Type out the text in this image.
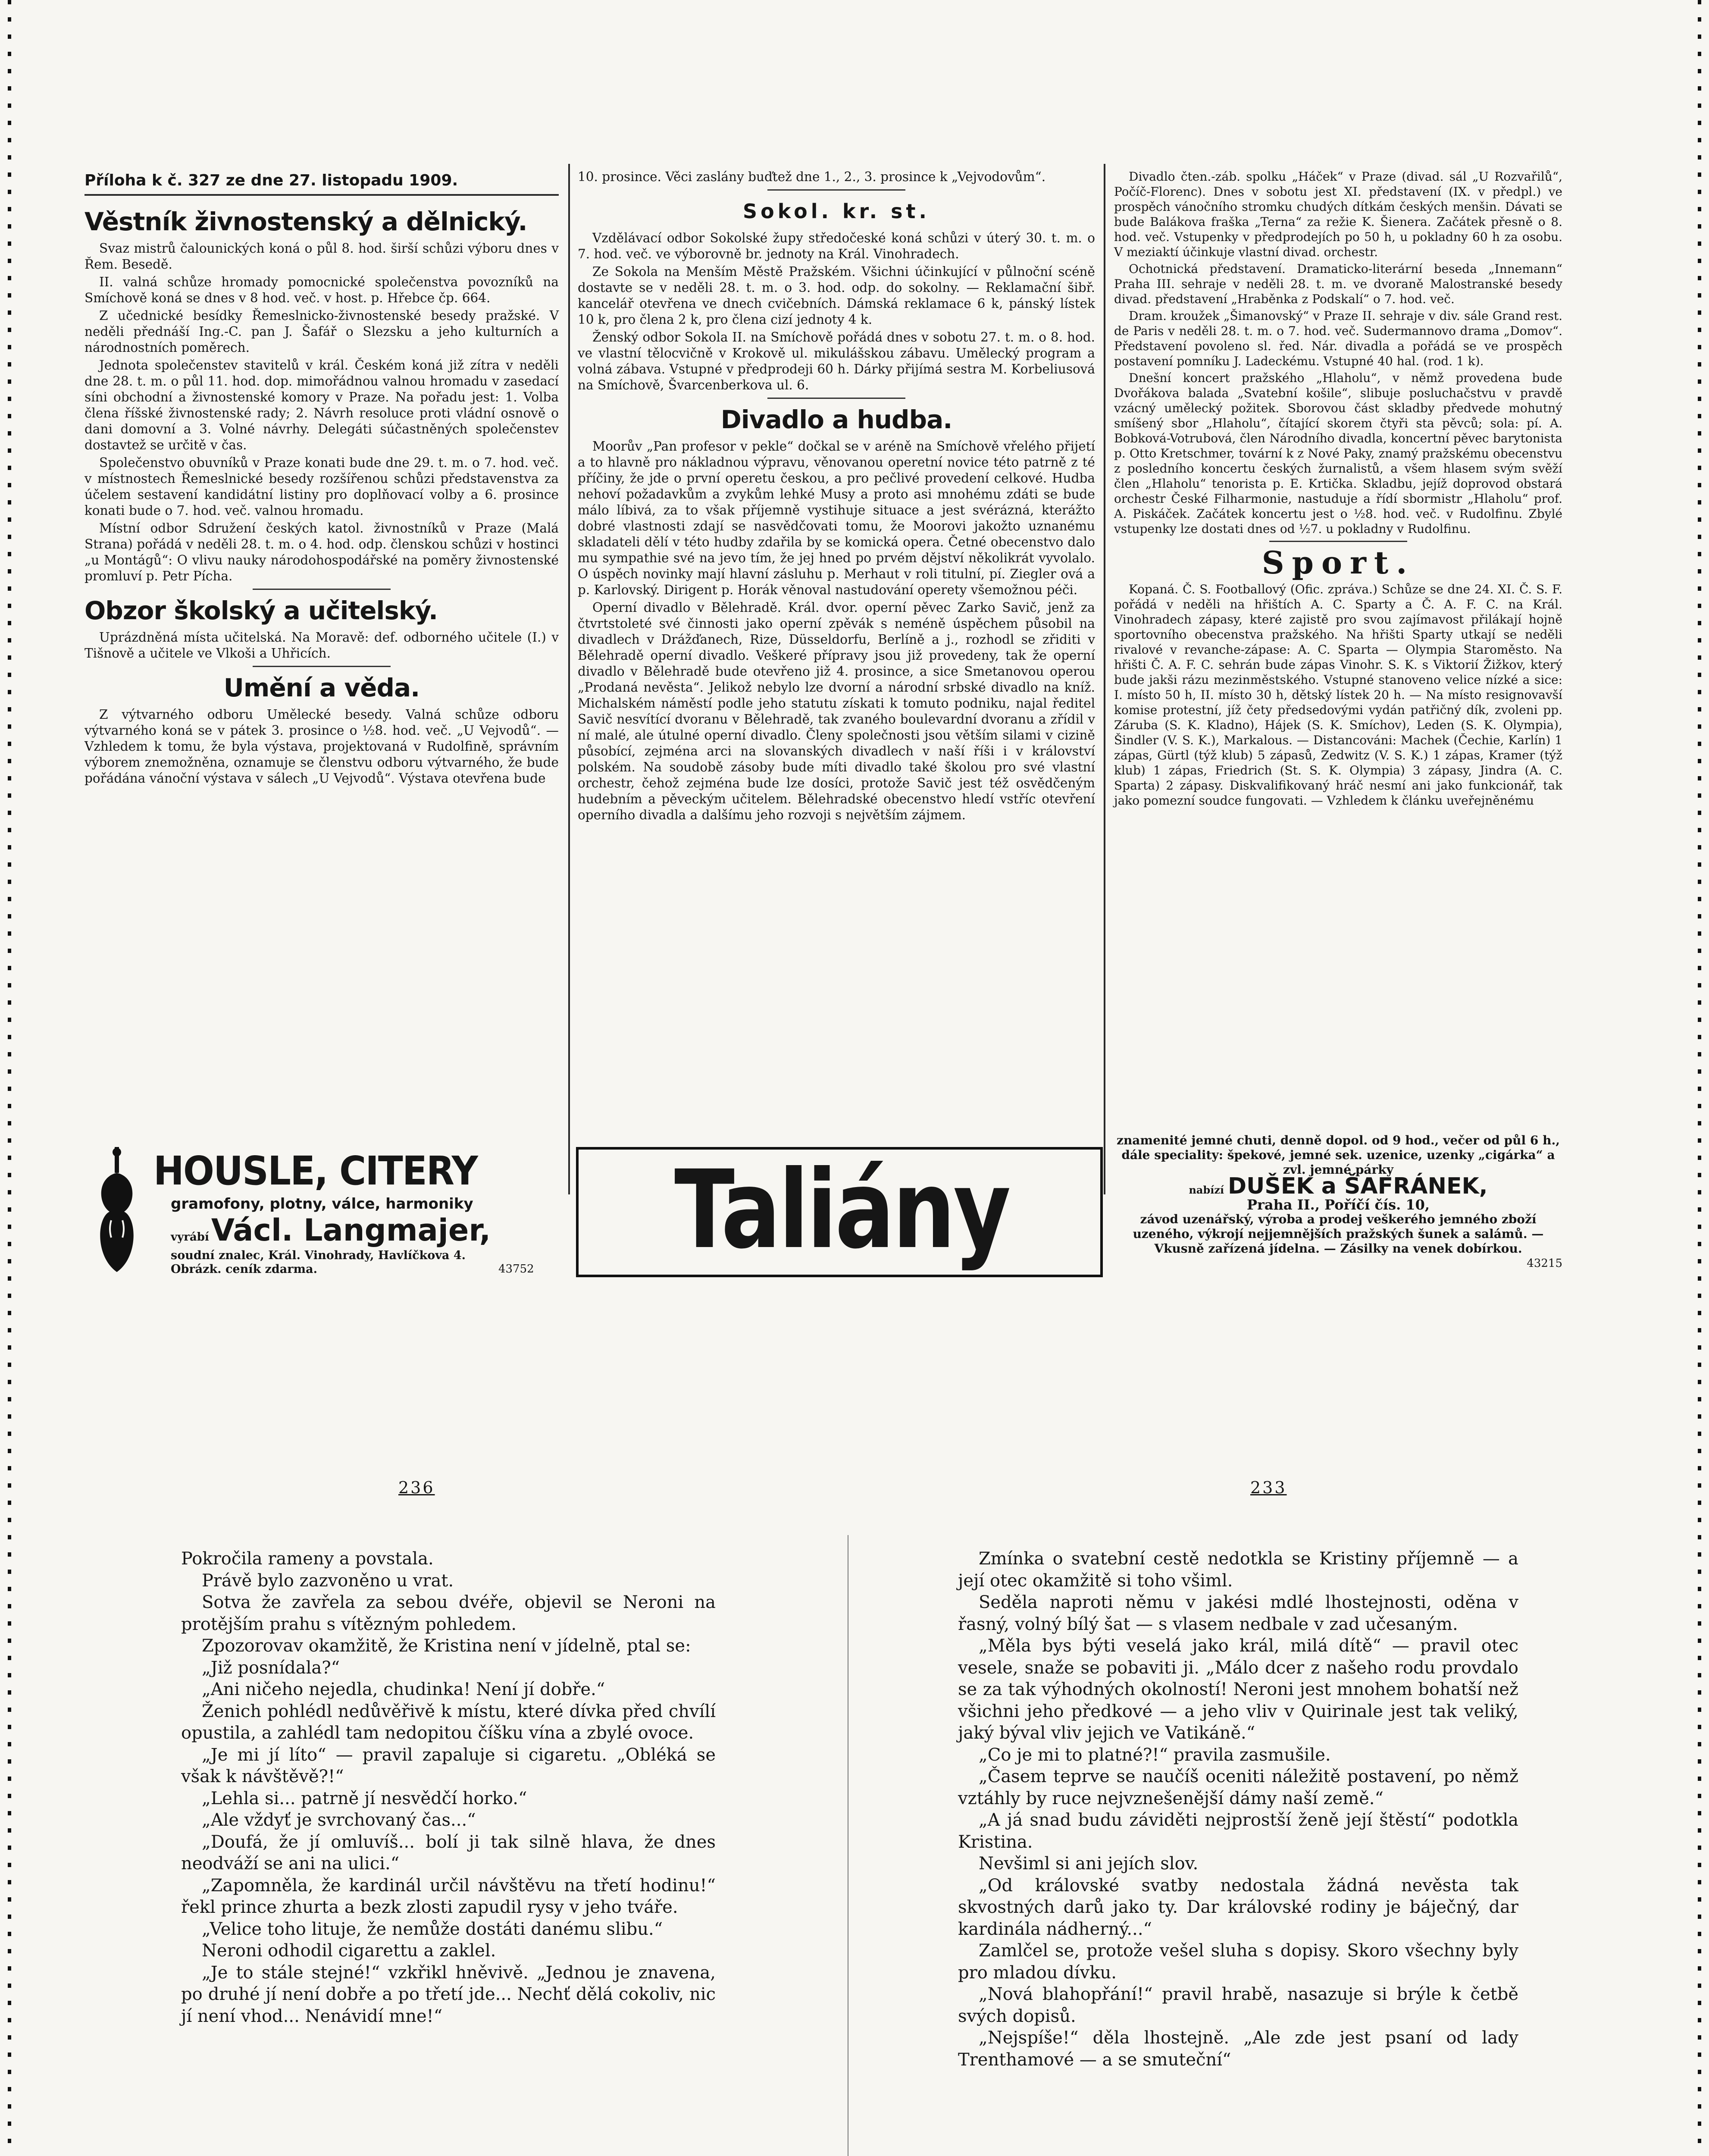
Příloha k č. 327 ze dne 27. listopadu 1909.
Věstník živnostenský a dělnický.

Svaz mistrů čalounických koná o půl 8. hod. širší schůzi výboru dnes v Řem. Besedě.

II. valná schůze hromady pomocnické společenstva povozníků na Smíchově koná se dnes v 8 hod. več. v host. p. Hřebce čp. 664.

Z učednické besídky Řemeslnicko-živnostenské besedy pražské. V neděli přednáší Ing.-C. pan J. Šafář o Slezsku a jeho kulturních a národnostních poměrech.

Jednota společenstev stavitelů v král. Českém koná již zítra v neděli dne 28. t. m. o půl 11. hod. dop. mimořádnou valnou hromadu v zasedací síni obchodní a živnostenské komory v Praze. Na pořadu jest: 1. Volba člena říšské živnostenské rady; 2. Návrh resoluce proti vládní osnově o dani domovní a 3. Volné návrhy. Delegáti súčastněných společenstev dostavtež se určitě v čas.

Společenstvo obuvníků v Praze konati bude dne 29. t. m. o 7. hod. več. v místnostech Řemeslnické besedy rozšířenou schůzi představenstva za účelem sestavení kandidátní listiny pro doplňovací volby a 6. prosince konati bude o 7. hod. več. valnou hromadu.

Místní odbor Sdružení českých katol. živnostníků v Praze (Malá Strana) pořádá v neděli 28. t. m. o 4. hod. odp. členskou schůzi v hostinci „u Montágů“: O vlivu nauky národohospodářské na poměry živnostenské promluví p. Petr Pícha.

Obzor školský a učitelský.

Uprázdněná místa učitelská. Na Moravě: def. odborného učitele (I.) v Tišnově a učitele ve Vlkoši a Uhřicích.

Umění a věda.

Z výtvarného odboru Umělecké besedy. Valná schůze odboru výtvarného koná se v pátek 3. prosince o ½8. hod. več. „U Vejvodů“. — Vzhledem k tomu, že byla výstava, projektovaná v Rudolfině, správním výborem znemožněna, oznamuje se členstvu odboru výtvarného, že bude pořádána vánoční výstava v sálech „U Vejvodů“. Výstava otevřena bude

10. prosince. Věci zaslány buďtež dne 1., 2., 3. prosince k „Vejvodovům“.

Sokol. kr. st.

Vzdělávací odbor Sokolské župy středočeské koná schůzi v úterý 30. t. m. o 7. hod. več. ve výborovně br. jednoty na Král. Vinohradech.

Ze Sokola na Menším Městě Pražském. Všichni účinkující v půlnoční scéně dostavte se v neděli 28. t. m. o 3. hod. odp. do sokolny. — Reklamační šibř. kancelář otevřena ve dnech cvičebních. Dámská reklamace 6 k, pánský lístek 10 k, pro člena 2 k, pro člena cizí jednoty 4 k.

Ženský odbor Sokola II. na Smíchově pořádá dnes v sobotu 27. t. m. o 8. hod. ve vlastní tělocvičně v Krokově ul. mikulášskou zábavu. Umělecký program a volná zábava. Vstupné v předprodeji 60 h. Dárky přijímá sestra M. Korbeliusová na Smíchově, Švarcenberkova ul. 6.

Divadlo a hudba.

Moorův „Pan profesor v pekle“ dočkal se v aréně na Smíchově vřelého přijetí a to hlavně pro nákladnou výpravu, věnovanou operetní novice této patrně z té příčiny, že jde o první operetu českou, a pro pečlivé provedení celkové. Hudba nehoví požadavkům a zvykům lehké Musy a proto asi mnohému zdáti se bude málo líbivá, za to však příjemně vystihuje situace a jest svérázná, kterážto dobré vlastnosti zdají se nasvědčovati tomu, že Moorovi jakožto uznanému skladateli dělí v této hudby zdařila by se komická opera. Četné obecenstvo dalo mu sympathie své na jevo tím, že jej hned po prvém dějství několikrát vyvolalo. O úspěch novinky mají hlavní zásluhu p. Merhaut v roli titulní, pí. Ziegler ová a p. Karlovský. Dirigent p. Horák věnoval nastudování operety všemožnou péči.

Operní divadlo v Bělehradě. Král. dvor. operní pěvec Zarko Savič, jenž za čtvrtstoleté své činnosti jako operní zpěvák s neméně úspěchem působil na divadlech v Drážďanech, Rize, Düsseldorfu, Berlíně a j., rozhodl se zřiditi v Bělehradě operní divadlo. Veškeré přípravy jsou již provedeny, tak že operní divadlo v Bělehradě bude otevřeno již 4. prosince, a sice Smetanovou operou „Prodaná nevěsta“. Jelikož nebylo lze dvorní a národní srbské divadlo na kníž. Michalském náměstí podle jeho statutu získati k tomuto podniku, najal ředitel Savič nesvítící dvoranu v Bělehradě, tak zvaného boulevardní dvoranu a zřídil v ní malé, ale útulné operní divadlo. Členy společnosti jsou větším silami v cizině působící, zejména arci na slovanských divadlech v naší říši i v království polském. Na soudobě zásoby bude míti divadlo také školou pro své vlastní orchestr, čehož zejména bude lze dosíci, protože Savič jest též osvědčeným hudebním a pěveckým učitelem. Bělehradské obecenstvo hledí vstříc otevření operního divadla a dalšímu jeho rozvoji s největším zájmem.

Divadlo čten.-záb. spolku „Háček“ v Praze (divad. sál „U Rozvařilů“, Počíč-Florenc). Dnes v sobotu jest XI. představení (IX. v předpl.) ve prospěch vánočního stromku chudých dítkám českých menšin. Dávati se bude Balákova fraška „Terna“ za režie K. Šienera. Začátek přesně o 8. hod. več. Vstupenky v předprodejích po 50 h, u pokladny 60 h za osobu. V meziaktí účinkuje vlastní divad. orchestr.

Ochotnická představení. Dramaticko-literární beseda „Innemann“ Praha III. sehraje v neděli 28. t. m. ve dvoraně Malostranské besedy divad. představení „Hraběnka z Podskalí“ o 7. hod. več.

Dram. kroužek „Šimanovský“ v Praze II. sehraje v div. sále Grand rest. de Paris v neděli 28. t. m. o 7. hod. več. Sudermannovo drama „Domov“. Představení povoleno sl. řed. Nár. divadla a pořádá se ve prospěch postavení pomníku J. Ladeckému. Vstupné 40 hal. (rod. 1 k).

Dnešní koncert pražského „Hlaholu“, v němž provedena bude Dvořákova balada „Svatební košile“, slibuje posluchačstvu v pravdě vzácný umělecký požitek. Sborovou část skladby předvede mohutný smíšený sbor „Hlaholu“, čítající skorem čtyři sta pěvců; sola: pí. A. Bobková-Votrubová, člen Národního divadla, koncertní pěvec barytonista p. Otto Kretschmer, tovární k z Nové Paky, znamý pražskému obecenstvu z posledního koncertu českých žurnalistů, a všem hlasem svým svěží člen „Hlaholu“ tenorista p. E. Krtička. Skladbu, jejíž doprovod obstará orchestr České Filharmonie, nastuduje a řídí sbormistr „Hlaholu“ prof. A. Piskáček. Začátek koncertu jest o ½8. hod. več. v Rudolfinu. Zbylé vstupenky lze dostati dnes od ½7. u pokladny v Rudolfinu.

Sport.

Kopaná. Č. S. Footballový (Ofic. zpráva.) Schůze se dne 24. XI. Č. S. F. pořádá v neděli na hřištích A. C. Sparty a Č. A. F. C. na Král. Vinohradech zápasy, které zajistě pro svou zajímavost přilákají hojně sportovního obecenstva pražského. Na hřišti Sparty utkají se neděli rivalové v revanche-zápase: A. C. Sparta — Olympia Staroměsto. Na hřišti Č. A. F. C. sehrán bude zápas Vinohr. S. K. s Viktorií Žižkov, který bude jakši rázu mezinměstského. Vstupné stanoveno velice nízké a sice: I. místo 50 h, II. místo 30 h, dětský lístek 20 h. — Na místo resignovavší komise protestní, jíž čety předsedovými vydán patřičný dík, zvoleni pp. Záruba (S. K. Kladno), Hájek (S. K. Smíchov), Leden (S. K. Olympia), Šindler (V. S. K.), Markalous. — Distancováni: Machek (Čechie, Karlín) 1 zápas, Gürtl (týž klub) 5 zápasů, Zedwitz (V. S. K.) 1 zápas, Kramer (týž klub) 1 zápas, Friedrich (St. S. K. Olympia) 3 zápasy, Jindra (A. C. Sparta) 2 zápasy. Diskvalifikovaný hráč nesmí ani jako funkcionář, tak jako pomezní soudce fungovati. — Vzhledem k článku uveřejněnému

HOUSLE, CITERY
gramofony, plotny, válce, harmoniky
vyrábí Václ. Langmajer,
soudní znalec, Král. Vinohrady, Havlíčkova 4. Obrázk. ceník zdarma.	43752	Taliány
znamenité jemné chuti, denně dopol. od 9 hod., večer od půl 6 h., dále speciality: špekové, jemné sek. uzenice, uzenky „cigárka“ a zvl. jemné párky
nabízí DUŠEK a ŠAFRÁNEK,
Praha II., Poříčí čís. 10,
závod uzenářský, výroba a prodej veškerého jemného zboží uzeného, výkrojí nejjemnějších pražských šunek a salámů. — Vkusně zařízená jídelna. — Zásilky na venek dobírkou.
43215
236	233

Pokročila rameny a povstala.

Právě bylo zazvoněno u vrat.

Sotva že zavřela za sebou dvéře, objevil se Neroni na protějším prahu s vítězným pohledem.

Zpozorovav okamžitě, že Kristina není v jídelně, ptal se:

„Již posnídala?“

„Ani ničeho nejedla, chudinka! Není jí dobře.“

Ženich pohlédl nedůvěřivě k místu, které dívka před chvílí opustila, a zahlédl tam nedopitou číšku vína a zbylé ovoce.

„Je mi jí líto“ — pravil zapaluje si cigaretu. „Obléká se však k návštěvě?!“

„Lehla si... patrně jí nesvědčí horko.“

„Ale vždyť je svrchovaný čas...“

„Doufá, že jí omluvíš... bolí ji tak silně hlava, že dnes neodváží se ani na ulici.“

„Zapomněla, že kardinál určil návštěvu na třetí hodinu!“ řekl prince zhurta a bezk zlosti zapudil rysy v jeho tváře.

„Velice toho lituje, že nemůže dostáti danému slibu.“

Neroni odhodil cigarettu a zaklel.

„Je to stále stejné!“ vzkřikl hněvivě. „Jednou je znavena, po druhé jí není dobře a po třetí jde... Nechť dělá cokoliv, nic jí není vhod... Nenávidí mne!“

Zmínka o svatební cestě nedotkla se Kristiny příjemně — a její otec okamžitě si toho všiml.

Seděla naproti němu v jakési mdlé lhostejnosti, oděna v řasný, volný bílý šat — s vlasem nedbale v zad učesaným.

„Měla bys býti veselá jako král, milá dítě“ — pravil otec vesele, snaže se pobaviti ji. „Málo dcer z našeho rodu provdalo se za tak výhodných okolností! Neroni jest mnohem bohatší než všichni jeho předkové — a jeho vliv v Quirinale jest tak veliký, jaký býval vliv jejich ve Vatikáně.“

„Co je mi to platné?!“ pravila zasmušile.

„Časem teprve se naučíš oceniti náležitě postavení, po němž vztáhly by ruce nejvznešenější dámy naší země.“

„A já snad budu záviděti nejprostší ženě její štěstí“ podotkla Kristina.

Nevšiml si ani jejích slov.

„Od královské svatby nedostala žádná nevěsta tak skvostných darů jako ty. Dar královské rodiny je báječný, dar kardinála nádherný...“

Zamlčel se, protože vešel sluha s dopisy. Skoro všechny byly pro mladou dívku.

„Nová blahopřání!“ pravil hrabě, nasazuje si brýle k četbě svých dopisů.

„Nejspíše!“ děla lhostejně. „Ale zde jest psaní od lady Trenthamové — a se smuteční“
